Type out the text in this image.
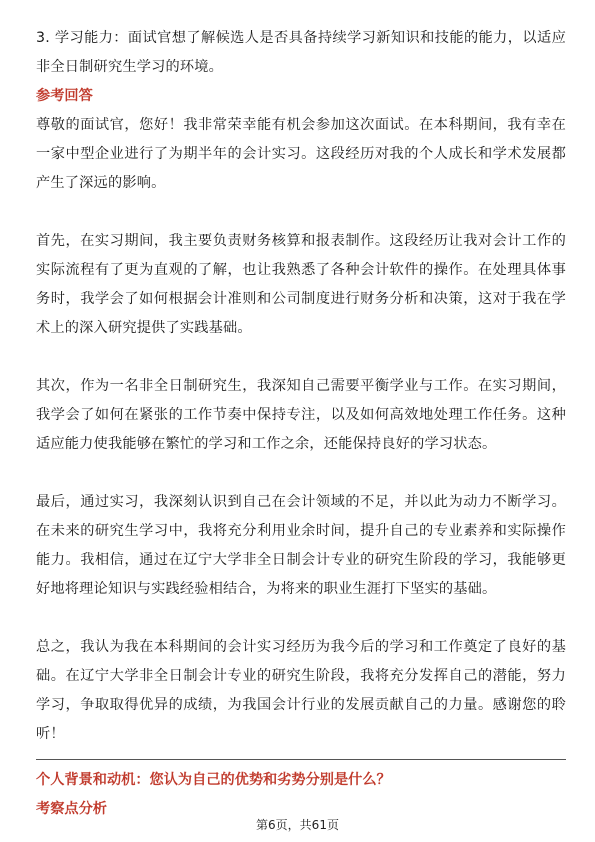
3. 学习能力：面试官想了解候选人是否具备持续学习新知识和技能的能力，以适应非全日制研究生学习的环境。

参考回答

尊敬的面试官，您好！我非常荣幸能有机会参加这次面试。在本科期间，我有幸在一家中型企业进行了为期半年的会计实习。这段经历对我的个人成长和学术发展都产生了深远的影响。

首先，在实习期间，我主要负责财务核算和报表制作。这段经历让我对会计工作的实际流程有了更为直观的了解，也让我熟悉了各种会计软件的操作。在处理具体事务时，我学会了如何根据会计准则和公司制度进行财务分析和决策，这对于我在学术上的深入研究提供了实践基础。

其次，作为一名非全日制研究生，我深知自己需要平衡学业与工作。在实习期间，我学会了如何在紧张的工作节奏中保持专注，以及如何高效地处理工作任务。这种适应能力使我能够在繁忙的学习和工作之余，还能保持良好的学习状态。

最后，通过实习，我深刻认识到自己在会计领域的不足，并以此为动力不断学习。在未来的研究生学习中，我将充分利用业余时间，提升自己的专业素养和实际操作能力。我相信，通过在辽宁大学非全日制会计专业的研究生阶段的学习，我能够更好地将理论知识与实践经验相结合，为将来的职业生涯打下坚实的基础。

总之，我认为我在本科期间的会计实习经历为我今后的学习和工作奠定了良好的基础。在辽宁大学非全日制会计专业的研究生阶段，我将充分发挥自己的潜能，努力学习，争取取得优异的成绩，为我国会计行业的发展贡献自己的力量。感谢您的聆听！

个人背景和动机：您认为自己的优势和劣势分别是什么？

考察点分析

第6页，共61页
